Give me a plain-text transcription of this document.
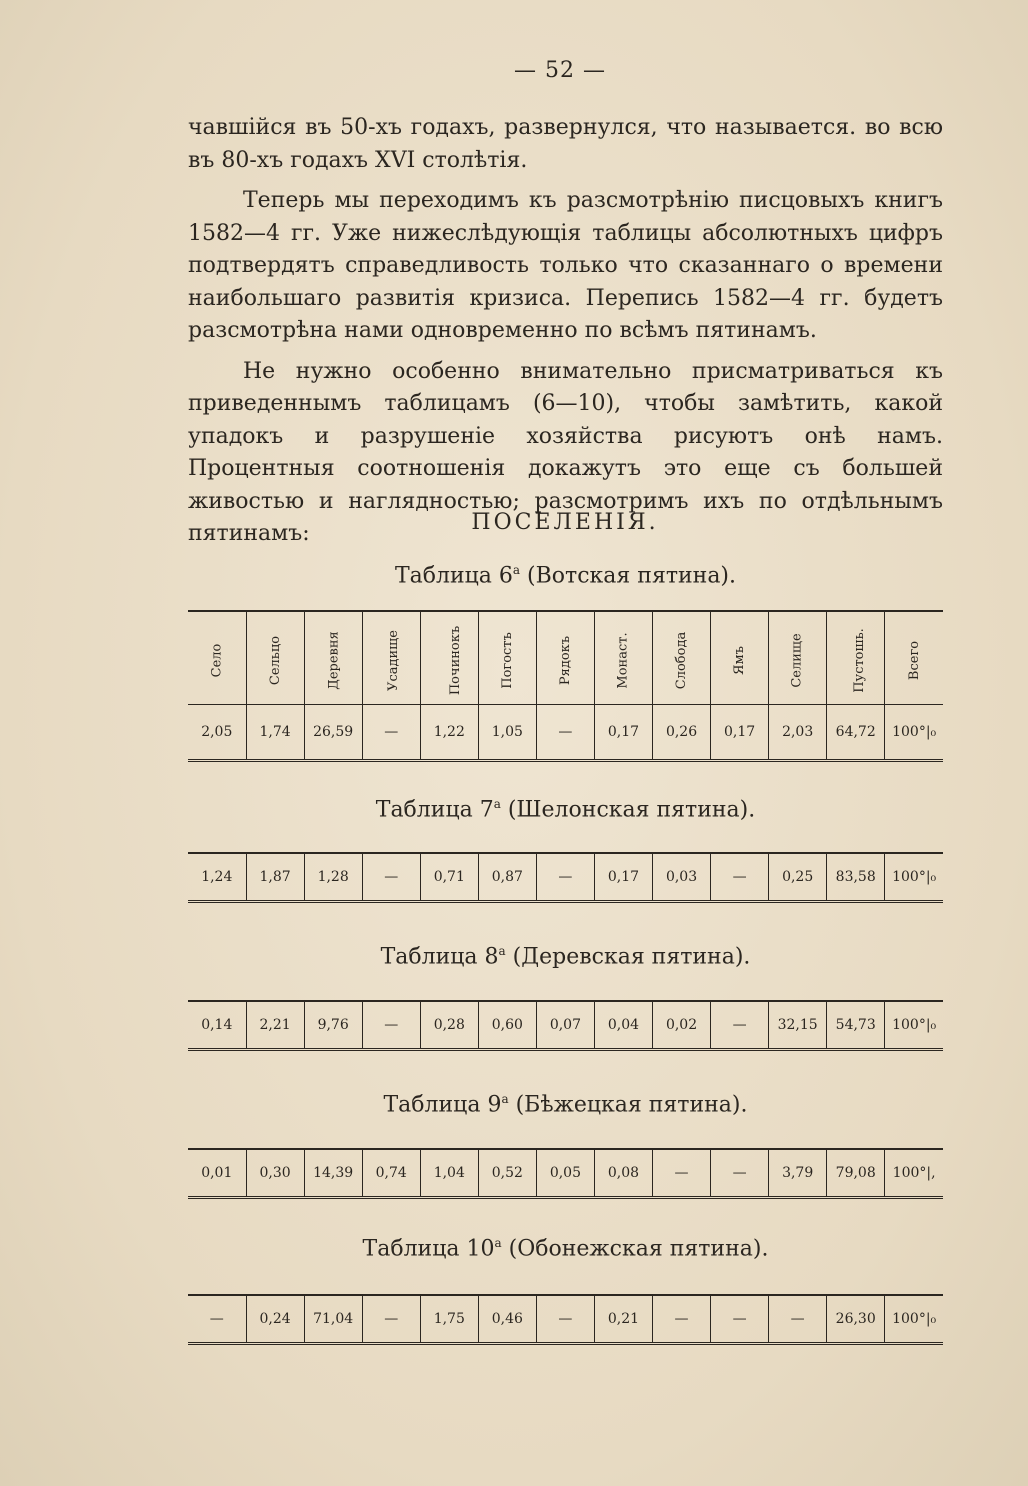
— 52 —

чавшійся въ 50-хъ годахъ, развернулся, что называется. во всю въ 80-хъ годахъ XVI столѣтія.

Теперь мы переходимъ къ разсмотрѣнію писцовыхъ книгъ 1582—4 гг. Уже нижеслѣдующія таблицы абсолютныхъ цифръ подтвердятъ справедливость только что сказаннаго о времени наибольшаго развитія кризиса. Перепись 1582—4 гг. будетъ разсмотрѣна нами одновременно по всѣмъ пятинамъ.

Не нужно особенно внимательно присматриваться къ приведеннымъ таблицамъ (6—10), чтобы замѣтить, какой упадокъ и разрушеніе хозяйства рисуютъ онѣ намъ. Процентныя соотношенія докажутъ это еще съ большей живостью и наглядностью; разсмотримъ ихъ по отдѣльнымъ пятинамъ:	ПОСЕЛЕНІЯ.
Таблица $6^а$ (Вотская пятина).
Село	Сельцо	Деревня	Усадище	Починокъ	Погостъ	Рядокъ	Монаст.	Слобода	Ямъ	Селище	Пустошь.	Всего
2,05	1,74	26,59	—	1,22	1,05	—	0,17	0,26	0,17	2,03	64,72	100°|₀
Таблица $7^а$ (Шелонская пятина).
1,24	1,87	1,28	—	0,71	0,87	—	0,17	0,03	—	0,25	83,58	100°|₀
Таблица $8^а$ (Деревская пятина).
0,14	2,21	9,76	—	0,28	0,60	0,07	0,04	0,02	—	32,15	54,73	100°|₀
Таблица $9^а$ (Бѣжецкая пятина).
0,01	0,30	14,39	0,74	1,04	0,52	0,05	0,08	—	—	3,79	79,08	100°|,
Таблица $10^а$ (Обонежская пятина).
—	0,24	71,04	—	1,75	0,46	—	0,21	—	—	—	26,30	100°|₀
